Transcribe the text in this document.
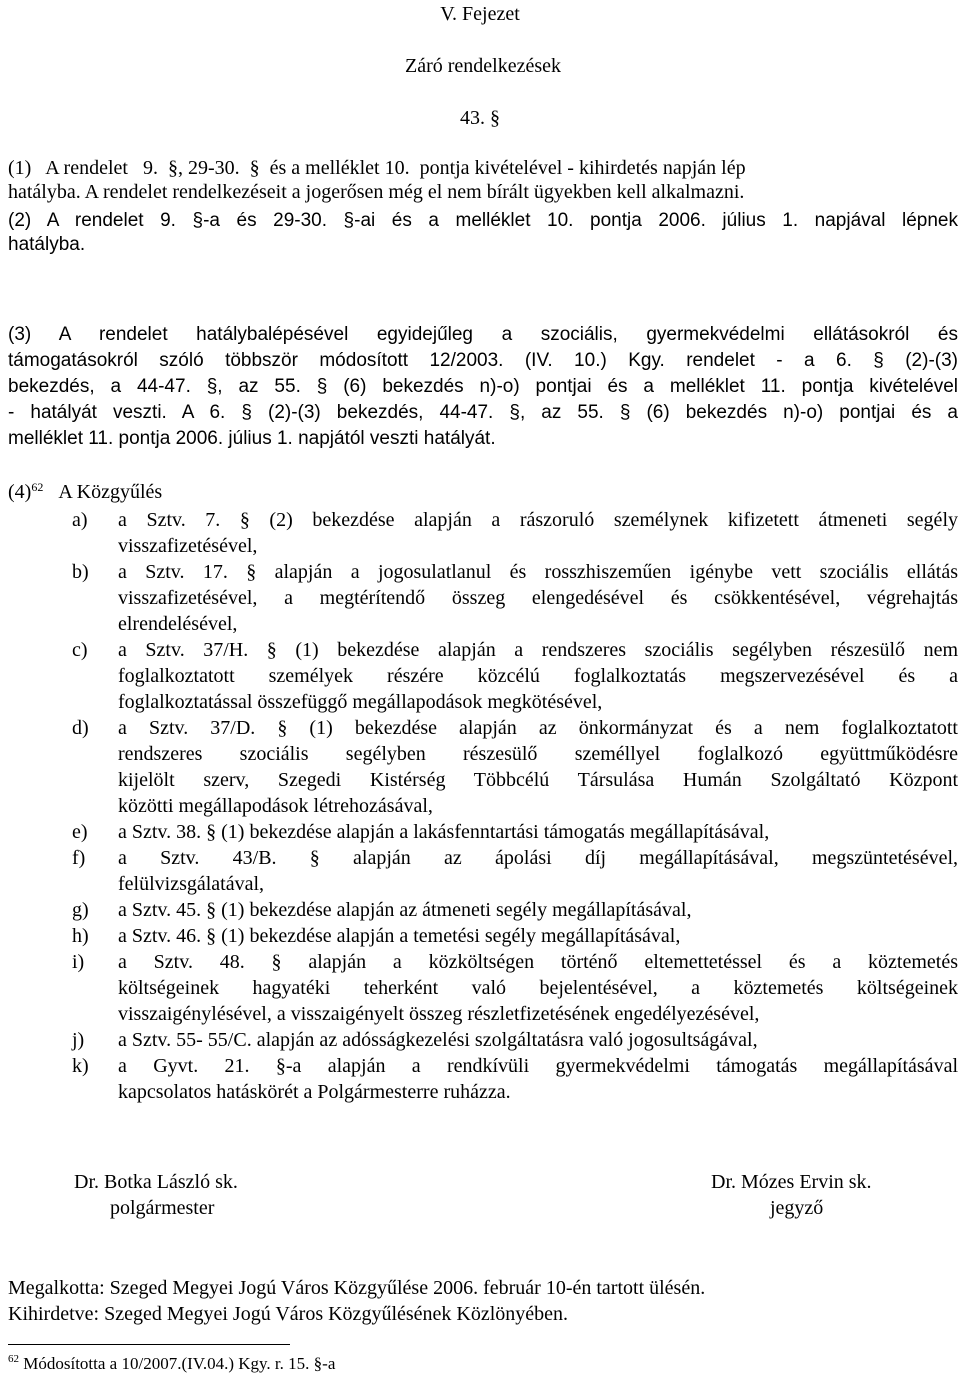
V. Fejezet
Záró rendelkezések
43. §
(1)   A rendelet   9.  §, 29-30.  §  és a melléklet 10.  pontja kivételével - kihirdetés napján lép
hatályba. A rendelet rendelkezéseit a jogerősen még el nem bírált ügyekben kell alkalmazni.
(2) A rendelet 9. §-a és 29-30. §-ai és a melléklet 10. pontja 2006. július 1. napjával lépnek
hatályba.
(3) A rendelet hatálybalépésével egyidejűleg a szociális, gyermekvédelmi ellátásokról és
támogatásokról szóló többször módosított 12/2003. (IV. 10.) Kgy. rendelet - a 6. § (2)-(3)
bekezdés, a 44-47. §, az 55. § (6) bekezdés n)-o) pontjai és a melléklet 11. pontja kivételével
- hatályát veszti. A 6. § (2)-(3) bekezdés, 44-47. §, az 55. § (6) bekezdés n)-o) pontjai és a
melléklet 11. pontja 2006. július 1. napjától veszti hatályát.
$(4)^{62}$ A Közgyűlés
a) a Sztv. 7. § (2) bekezdése alapján a rászoruló személynek kifizetett átmeneti segély
visszafizetésével,
b) a Sztv. 17. § alapján a jogosulatlanul és rosszhiszeműen igénybe vett szociális ellátás
visszafizetésével, a megtérítendő összeg elengedésével és csökkentésével, végrehajtás
elrendelésével,
c) a Sztv. 37/H. § (1) bekezdése alapján a rendszeres szociális segélyben részesülő nem
foglalkoztatott személyek részére közcélú foglalkoztatás megszervezésével és a
foglalkoztatással összefüggő megállapodások megkötésével,
d) a Sztv. 37/D. § (1) bekezdése alapján az önkormányzat és a nem foglalkoztatott
rendszeres szociális segélyben részesülő személlyel foglalkozó együttműködésre
kijelölt szerv, Szegedi Kistérség Többcélú Társulása Humán Szolgáltató Központ
közötti megállapodások létrehozásával,
e) a Sztv. 38. § (1) bekezdése alapján a lakásfenntartási támogatás megállapításával,
f) a Sztv. 43/B. § alapján az ápolási díj megállapításával, megszüntetésével,
felülvizsgálatával,
g) a Sztv. 45. § (1) bekezdése alapján az átmeneti segély megállapításával,
h) a Sztv. 46. § (1) bekezdése alapján a temetési segély megállapításával,
i) a Sztv. 48. § alapján a közköltségen történő eltemettetéssel és a köztemetés
költségeinek hagyatéki teherként való bejelentésével, a köztemetés költségeinek
visszaigénylésével, a visszaigényelt összeg részletfizetésének engedélyezésével,
j) a Sztv. 55- 55/C. alapján az adósságkezelési szolgáltatásra való jogosultságával,
k) a Gyvt. 21. §-a alapján a rendkívüli gyermekvédelmi támogatás megállapításával
kapcsolatos hatáskörét a Polgármesterre ruházza.
Dr. Botka László sk.
polgármester
Dr. Mózes Ervin sk.
jegyző
Megalkotta: Szeged Megyei Jogú Város Közgyűlése 2006. február 10-én tartott ülésén.
Kihirdetve: Szeged Megyei Jogú Város Közgyűlésének Közlönyében.
$^{62}$ Módosította a 10/2007.(IV.04.) Kgy. r. 15. §-a
